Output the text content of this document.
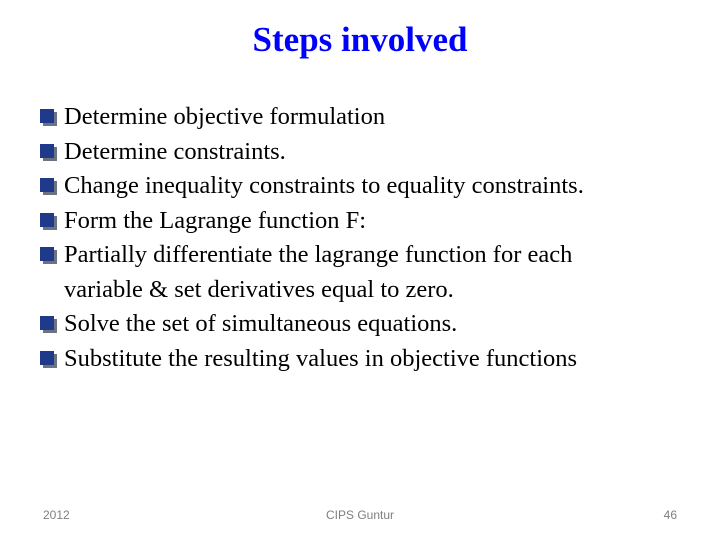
Steps involved
Determine objective formulation
Determine constraints.
Change inequality constraints to equality constraints.
Form the Lagrange function F:
Partially differentiate the lagrange function for each
variable & set derivatives equal to zero.
Solve the set of simultaneous equations.
Substitute the resulting values in objective functions
2012	CIPS Guntur	46
